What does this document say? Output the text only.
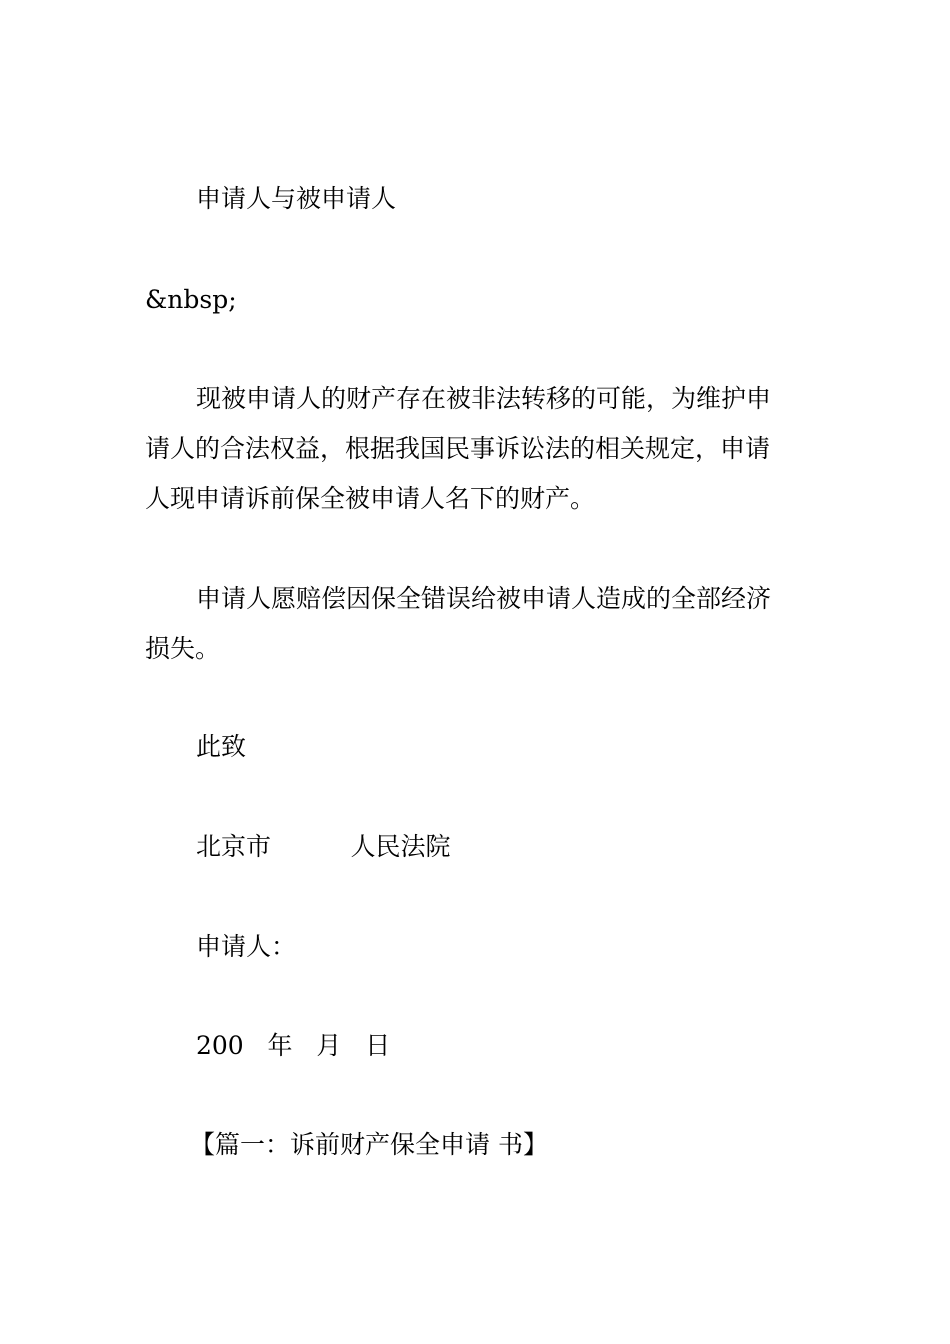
申请人与被申请人

&nbsp;

现被申请人的财产存在被非法转移的可能，为维护申

请人的合法权益，根据我国民事诉讼法的相关规定，申请

人现申请诉前保全被申请人名下的财产。

申请人愿赔偿因保全错误给被申请人造成的全部经济

损失。

此致

北京市          人民法院

申请人：

200   年   月   日

【篇一：诉前财产保全申请 书】
